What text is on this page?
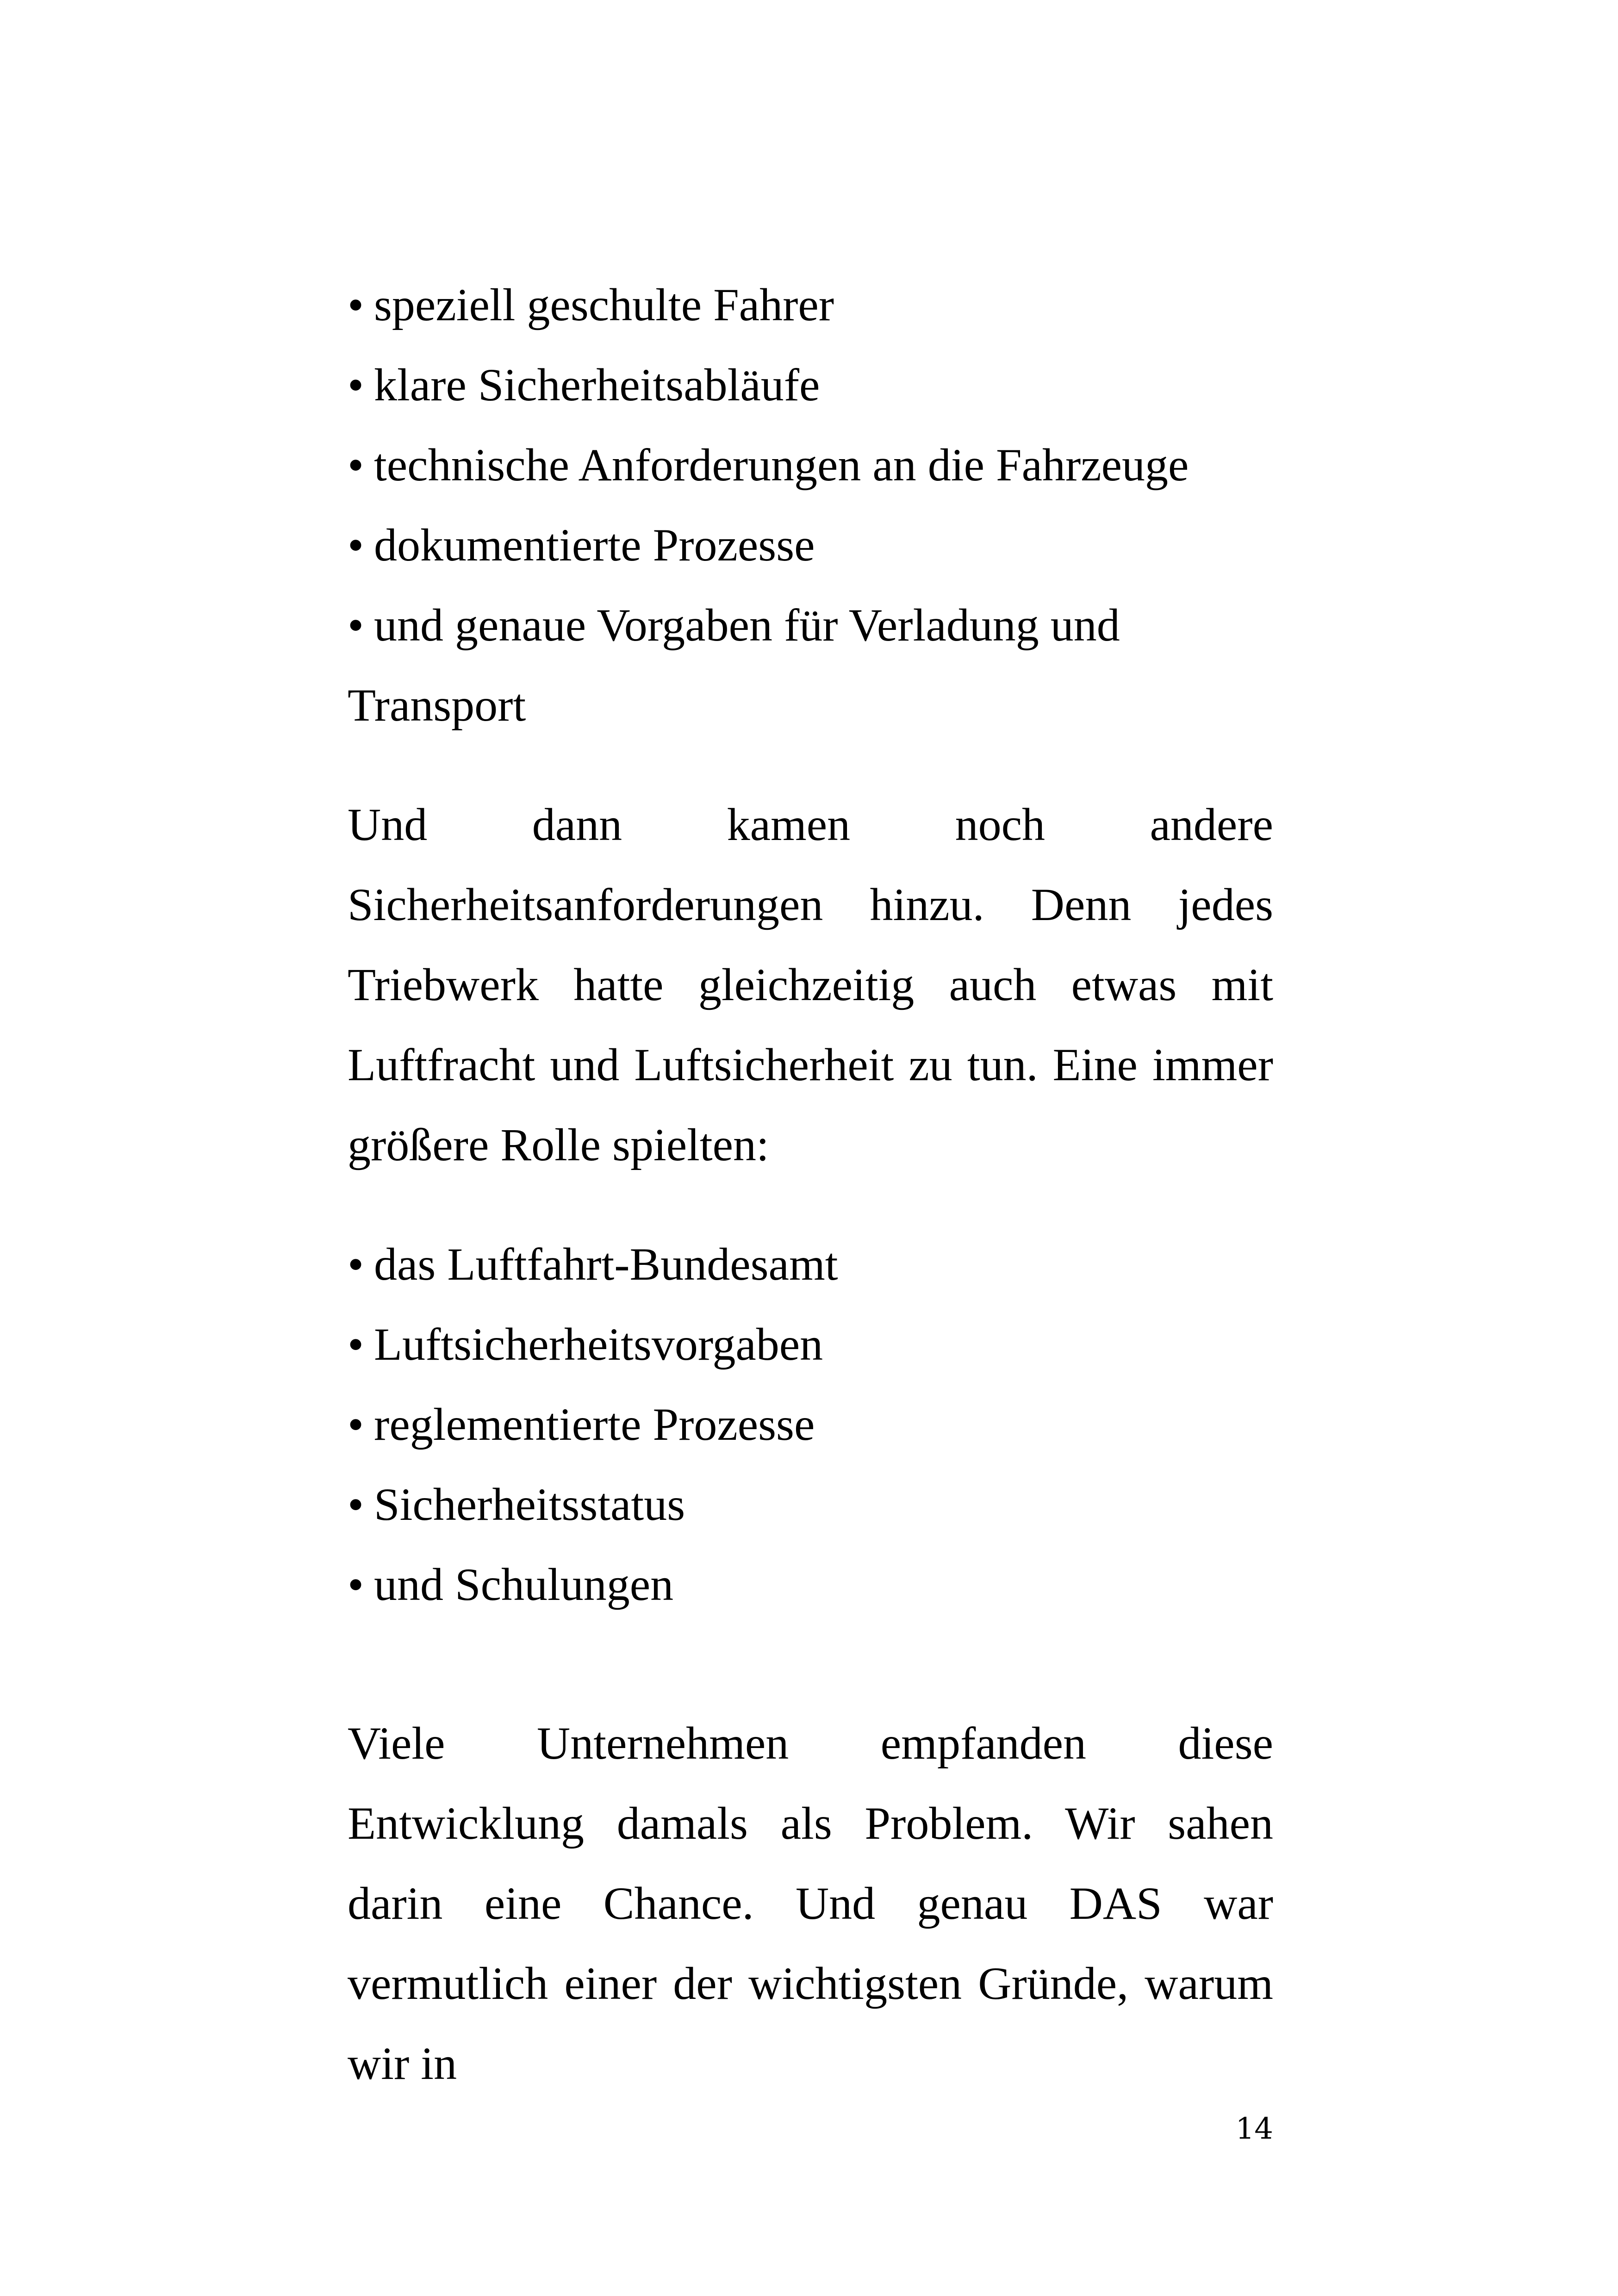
• speziell geschulte Fahrer
• klare Sicherheitsabläufe
• technische Anforderungen an die Fahrzeuge
• dokumentierte Prozesse
• und genaue Vorgaben für Verladung und Transport

Und dann kamen noch andere Sicherheitsanforderungen hinzu. Denn jedes Triebwerk hatte gleichzeitig auch etwas mit Luftfracht und Luftsicherheit zu tun. Eine immer größere Rolle spielten:

• das Luftfahrt-Bundesamt
• Luftsicherheitsvorgaben
• reglementierte Prozesse
• Sicherheitsstatus
• und Schulungen

Viele Unternehmen empfanden diese Entwicklung damals als Problem. Wir sahen darin eine Chance. Und genau DAS war vermutlich einer der wichtigsten Gründe, warum wir in

14
